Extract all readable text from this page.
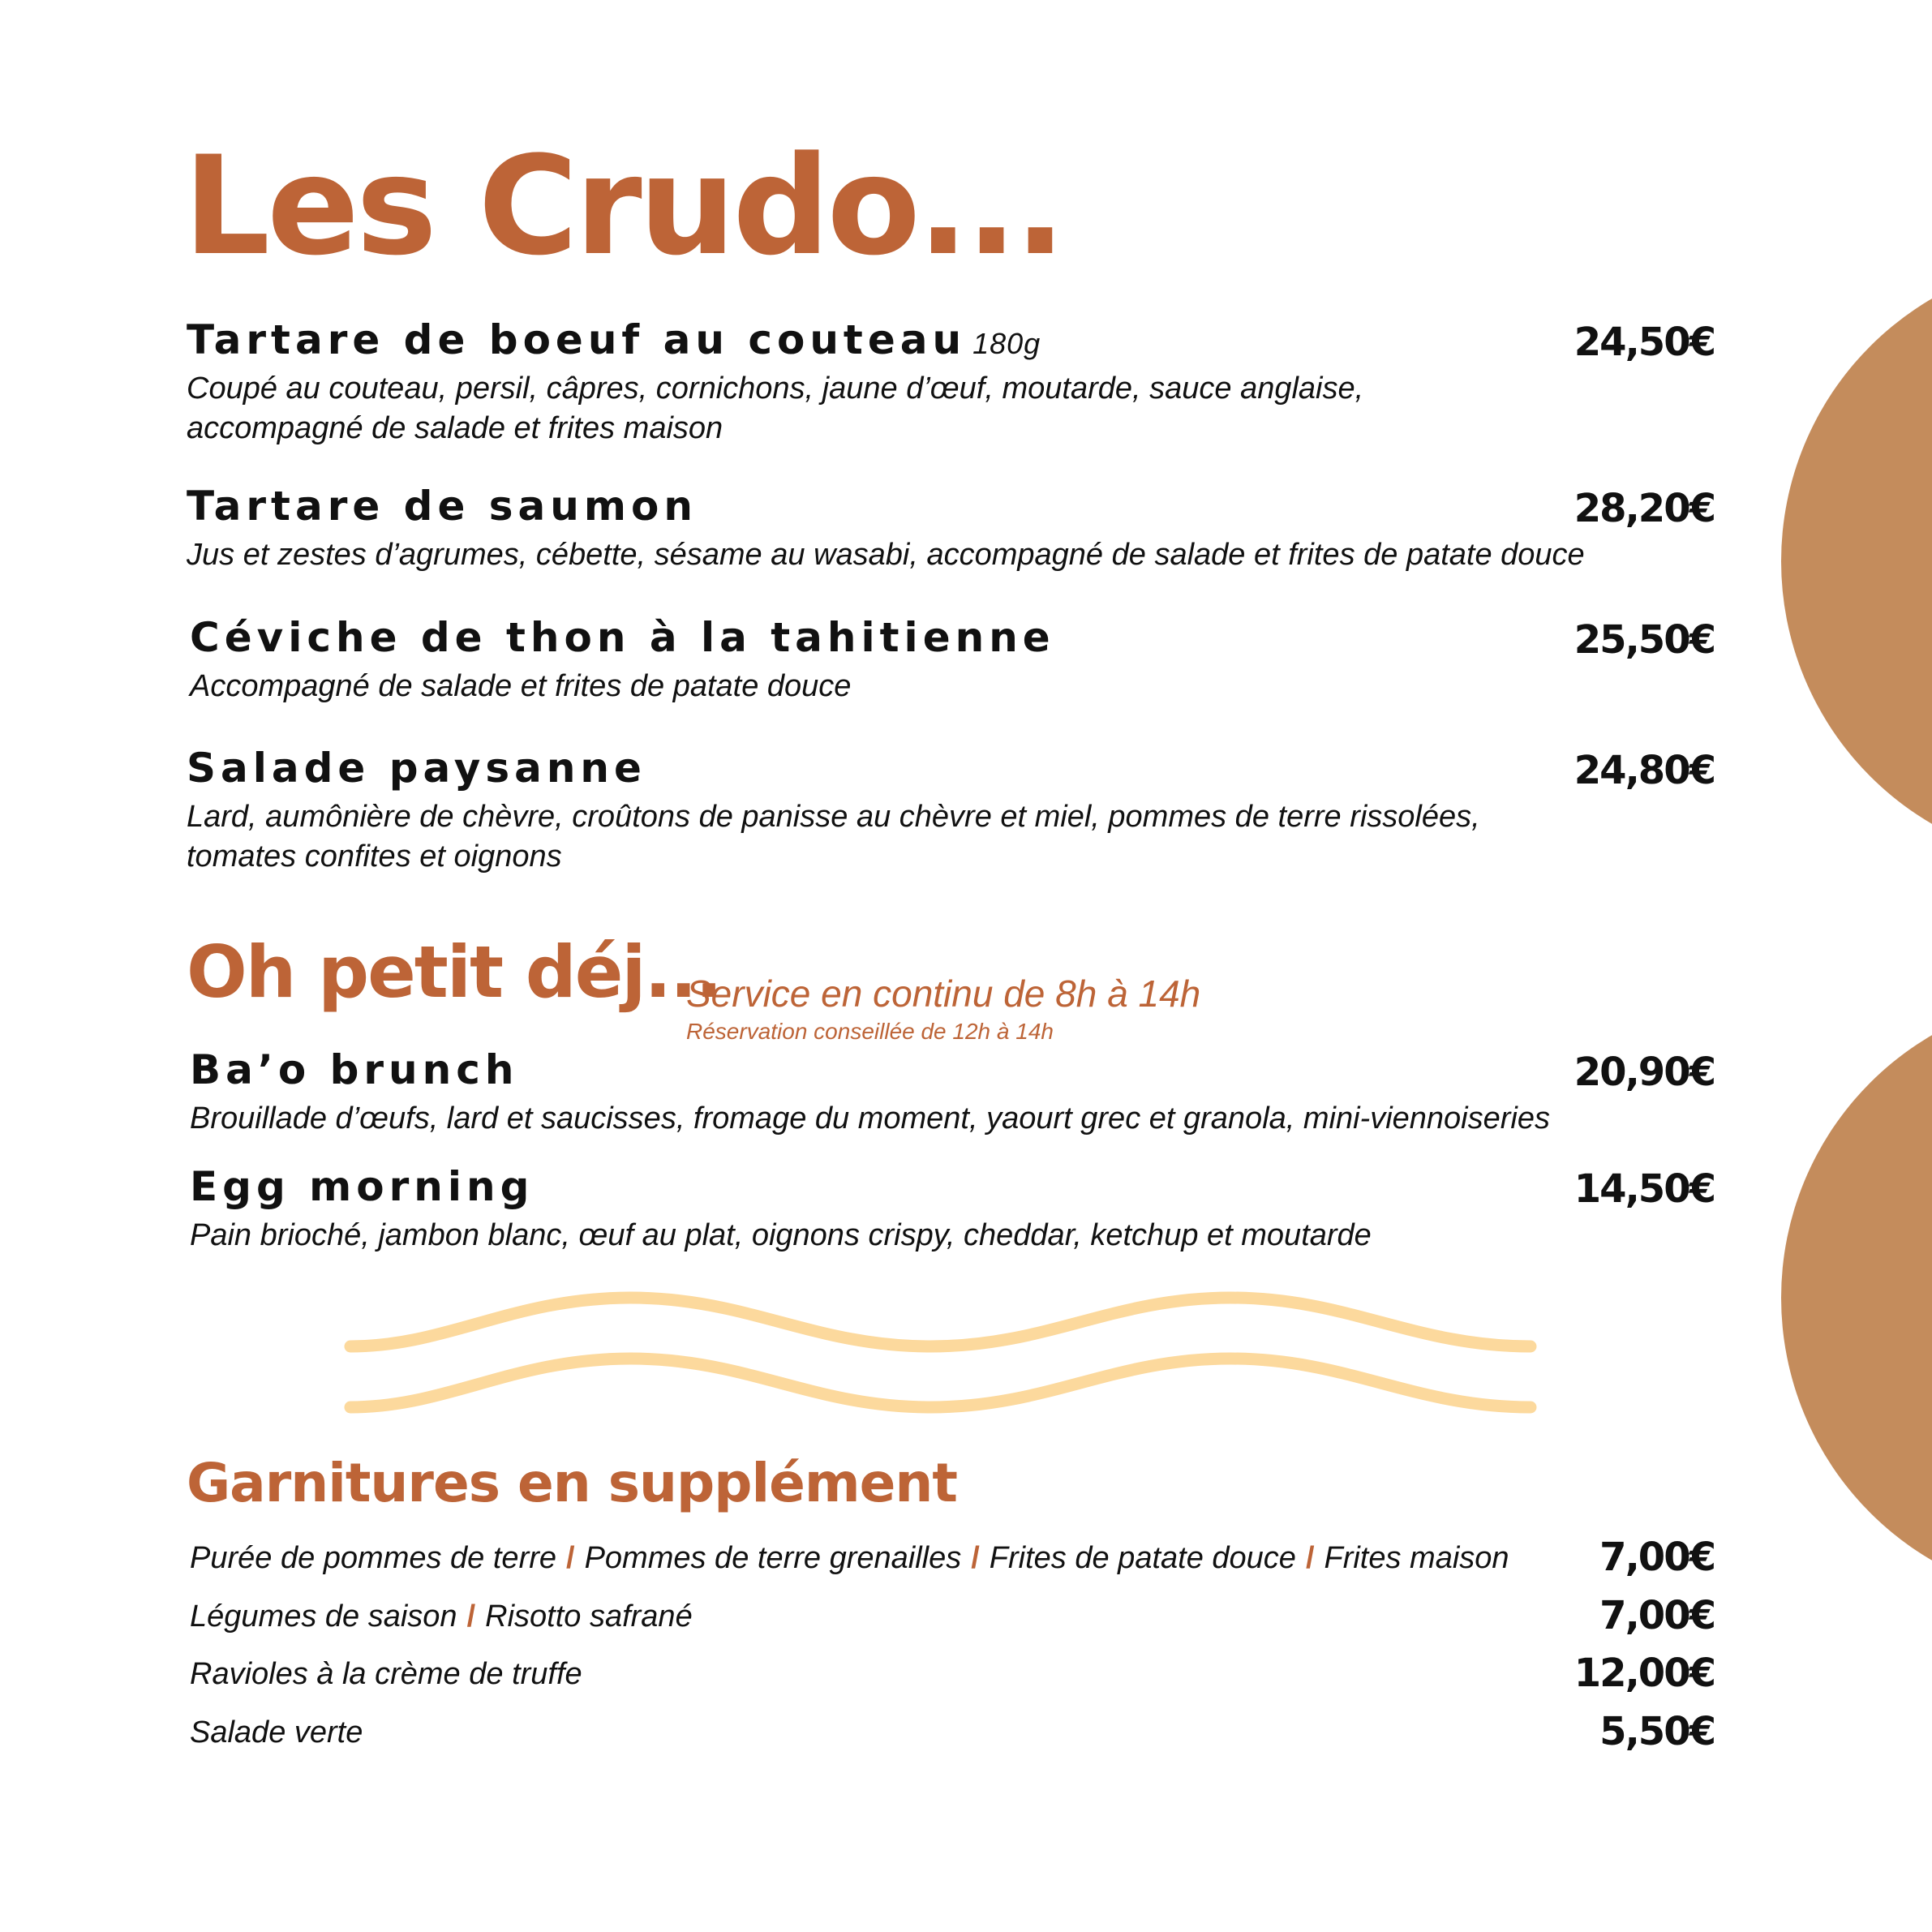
Les Crudo...
Tartare de boeuf au couteau 180g	24,50€
Coupé au couteau, persil, câpres, cornichons, jaune d’œuf, moutarde, sauce anglaise,
accompagné de salade et frites maison
Tartare de saumon	28,20€
Jus et zestes d’agrumes, cébette, sésame au wasabi, accompagné de salade et frites de patate douce
Céviche de thon à la tahitienne	25,50€
Accompagné de salade et frites de patate douce
Salade paysanne	24,80€
Lard, aumônière de chèvre, croûtons de panisse au chèvre et miel, pommes de terre rissolées,
tomates confites et oignons
Oh petit déj...
Service en continu de 8h à 14h
Réservation conseillée de 12h à 14h
Ba’o brunch	20,90€
Brouillade d’œufs, lard et saucisses, fromage du moment, yaourt grec et granola, mini-viennoiseries
Egg morning	14,50€
Pain brioché, jambon blanc, œuf au plat, oignons crispy, cheddar, ketchup et moutarde
Garnitures en supplément
Purée de pommes de terre / Pommes de terre grenailles / Frites de patate douce / Frites maison 7,00€
Légumes de saison / Risotto safrané	7,00€
Ravioles à la crème de truffe	12,00€
Salade verte	5,50€
